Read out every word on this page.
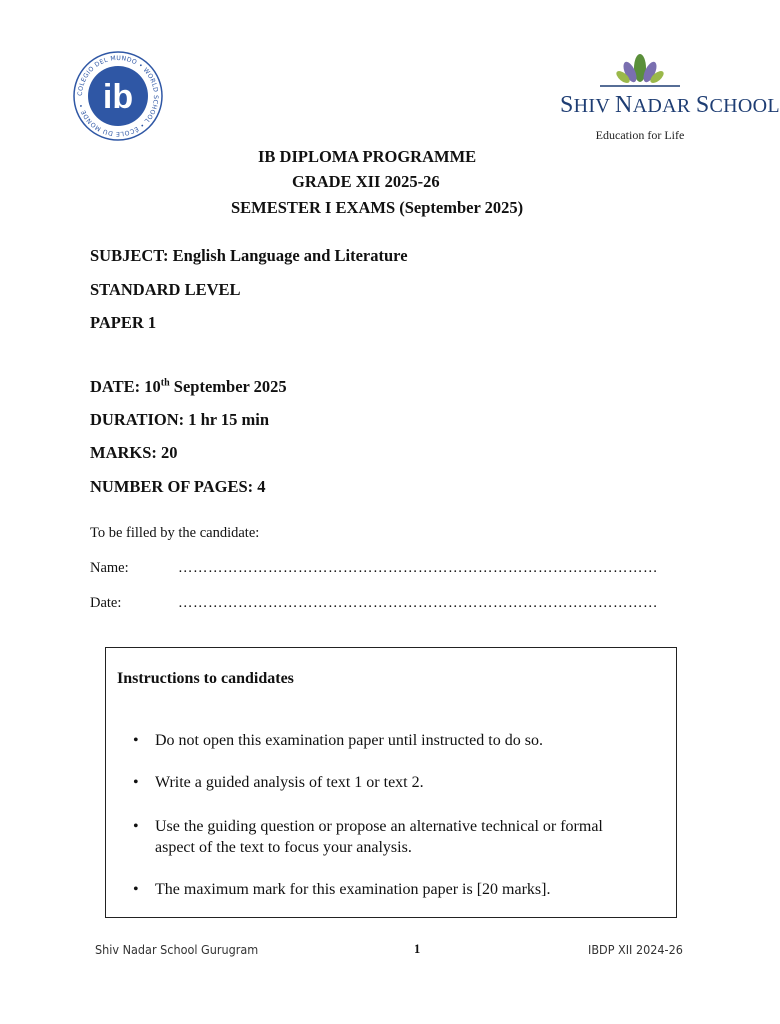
COLEGIO DEL MUNDO • WORLD SCHOOL • ÉCOLE DU MONDE • ib	SHIV NADAR SCHOOL
Education for Life
IB DIPLOMA PROGRAMME
GRADE XII 2025-26
SEMESTER I EXAMS (September 2025)
SUBJECT: English Language and Literature
STANDARD LEVEL
PAPER 1
DATE: 10th September 2025
DURATION: 1 hr 15 min
MARKS: 20
NUMBER OF PAGES: 4
To be filled by the candidate:
Name:	……………………………………………………………………………………
Date:	……………………………………………………………………………………
Instructions to candidates
• Do not open this examination paper until instructed to do so.
• Write a guided analysis of text 1 or text 2.
• Use the guiding question or propose an alternative technical or formal aspect of the text to focus your analysis.
• The maximum mark for this examination paper is [20 marks].
Shiv Nadar School Gurugram	1	IBDP XII 2024-26
